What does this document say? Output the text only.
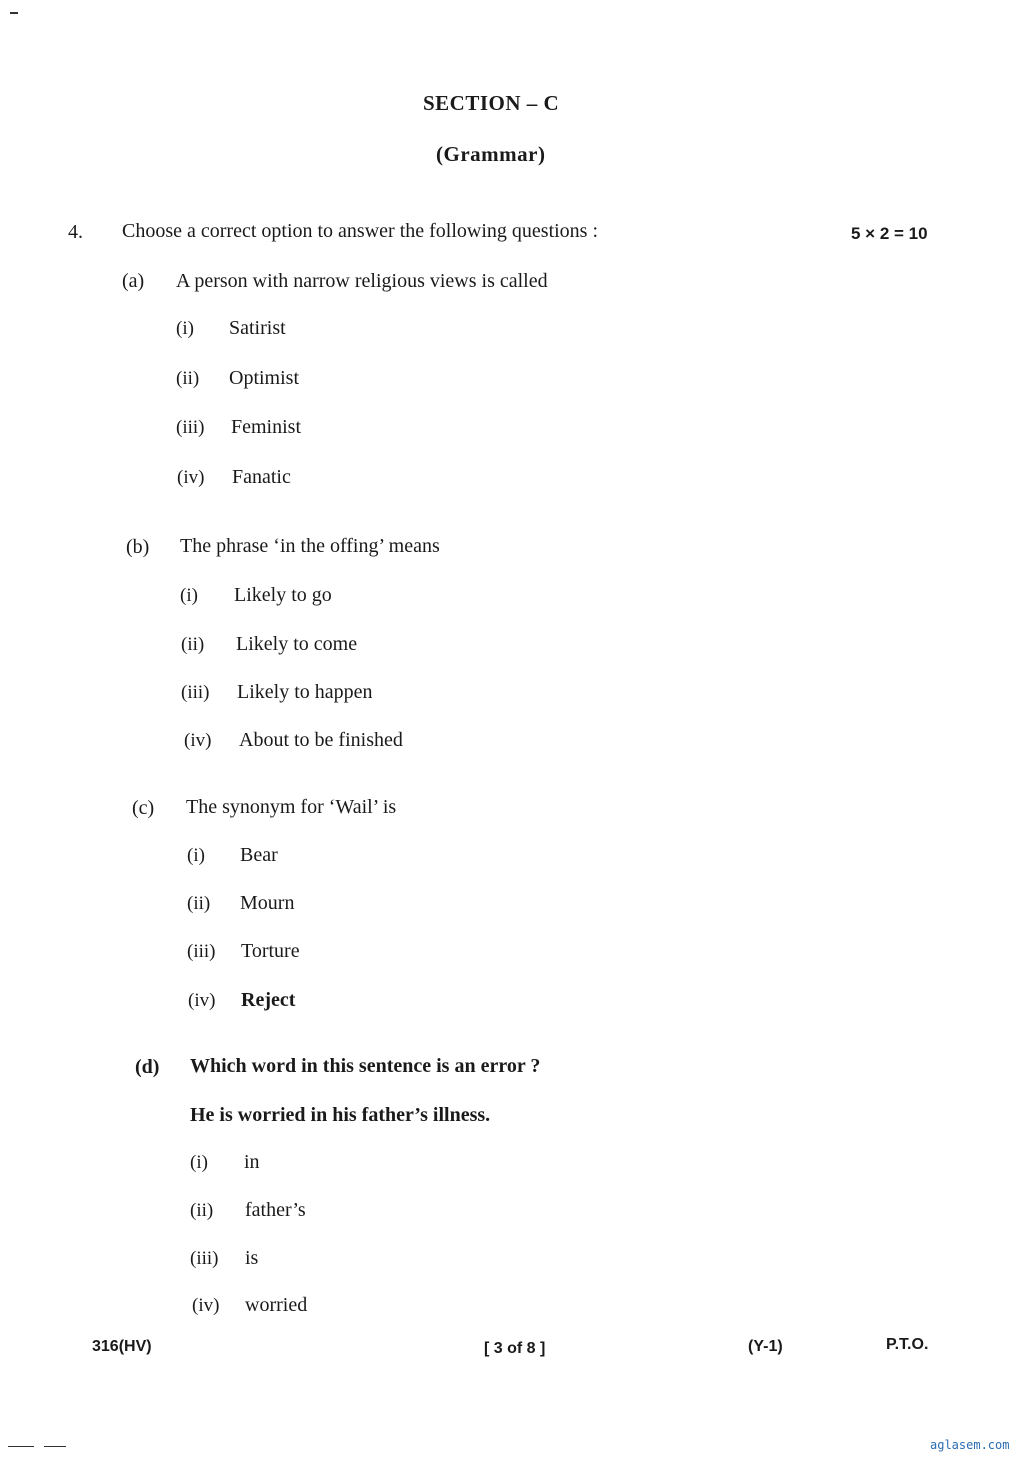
SECTION – C
(Grammar)
4. Choose a correct option to answer the following questions :	5 × 2 = 10
(a) A person with narrow religious views is called
(i) Satirist
(ii) Optimist
(iii) Feminist
(iv) Fanatic
(b) The phrase ‘in the offing’ means
(i) Likely to go
(ii) Likely to come
(iii) Likely to happen
(iv) About to be finished
(c) The synonym for ‘Wail’ is
(i) Bear
(ii) Mourn
(iii) Torture
(iv) Reject
(d) Which word in this sentence is an error ?
He is worried in his father’s illness.
(i) in
(ii) father’s
(iii) is
(iv) worried
316(HV)	[ 3 of 8 ]	(Y-1)	P.T.O.
aglasem.com
